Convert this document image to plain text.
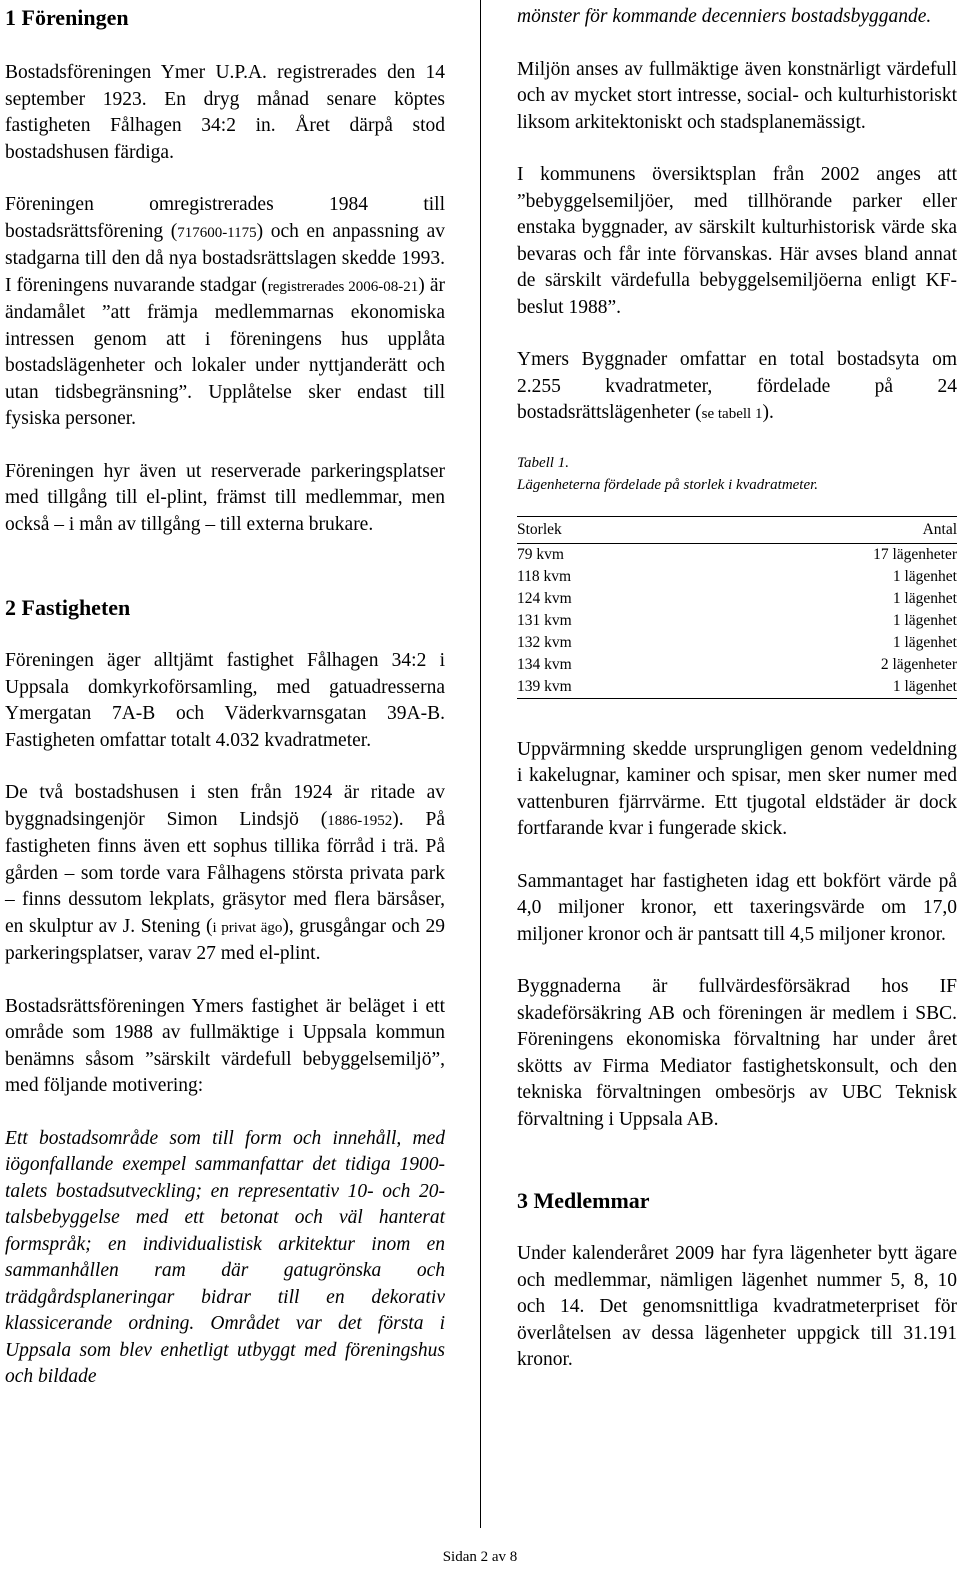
1 Föreningen

Bostadsföreningen Ymer U.P.A. registrerades den 14 september 1923. En dryg månad senare köptes fastigheten Fålhagen 34:2 in. Året därpå stod bostadshusen färdiga.

Föreningen omregistrerades 1984 till bostadsrättsförening (717600-1175) och en anpassning av stadgarna till den då nya bostadsrättslagen skedde 1993. I föreningens nuvarande stadgar (registrerades 2006-08-21) är ändamålet ”att främja medlemmarnas ekonomiska intressen genom att i föreningens hus upplåta bostadslägenheter och lokaler under nyttjanderätt och utan tidsbegränsning”. Upplåtelse sker endast till fysiska personer.

Föreningen hyr även ut reserverade parkeringsplatser med tillgång till el-plint, främst till medlemmar, men också – i mån av tillgång – till externa brukare.

2 Fastigheten

Föreningen äger alltjämt fastighet Fålhagen 34:2 i Uppsala domkyrkoförsamling, med gatuadresserna Ymergatan 7A-B och Väderkvarnsgatan 39A-B. Fastigheten omfattar totalt 4.032 kvadratmeter.

De två bostadshusen i sten från 1924 är ritade av byggnadsingenjör Simon Lindsjö (1886-1952). På fastigheten finns även ett sophus tillika förråd i trä. På gården – som torde vara Fålhagens största privata park – finns dessutom lekplats, gräsytor med flera bärsåser, en skulptur av J. Stening (i privat ägo), grusgångar och 29 parkeringsplatser, varav 27 med el-plint.

Bostadsrättsföreningen Ymers fastighet är beläget i ett område som 1988 av fullmäktige i Uppsala kommun benämns såsom ”särskilt värdefull bebyggelsemiljö”, med följande motivering:

Ett bostadsområde som till form och innehåll, med iögonfallande exempel sammanfattar det tidiga 1900-talets bostadsutveckling; en representativ 10- och 20-talsbebyggelse med ett betonat och väl hanterat formspråk; en individualistisk arkitektur inom en sammanhållen ram där gatugrönska och trädgårdsplaneringar bidrar till en dekorativ klassicerande ordning. Området var det första i Uppsala som blev enhetligt utbyggt med föreningshus och bildade

mönster för kommande decenniers bostadsbyggande.

Miljön anses av fullmäktige även konstnärligt värdefull och av mycket stort intresse, social- och kulturhistoriskt liksom arkitektoniskt och stadsplanemässigt.

I kommunens översiktsplan från 2002 anges att ”bebyggelsemiljöer, med tillhörande parker eller enstaka byggnader, av särskilt kulturhistorisk värde ska bevaras och får inte förvanskas. Här avses bland annat de särskilt värdefulla bebyggelsemiljöerna enligt KF-beslut 1988”.

Ymers Byggnader omfattar en total bostadsyta om 2.255 kvadratmeter, fördelade på 24 bostadsrättslägenheter (se tabell 1).

Tabell 1.
Lägenheterna fördelade på storlek i kvadratmeter.
Storlek	Antal
79 kvm	17 lägenheter
118 kvm	1 lägenhet
124 kvm	1 lägenhet
131 kvm	1 lägenhet
132 kvm	1 lägenhet
134 kvm	2 lägenheter
139 kvm	1 lägenhet

Uppvärmning skedde ursprungligen genom vedeldning i kakelugnar, kaminer och spisar, men sker numer med vattenburen fjärrvärme. Ett tjugotal eldstäder är dock fortfarande kvar i fungerade skick.

Sammantaget har fastigheten idag ett bokfört värde på 4,0 miljoner kronor, ett taxeringsvärde om 17,0 miljoner kronor och är pantsatt till 4,5 miljoner kronor.

Byggnaderna är fullvärdesförsäkrad hos IF skadeförsäkring AB och föreningen är medlem i SBC. Föreningens ekonomiska förvaltning har under året skötts av Firma Mediator fastighetskonsult, och den tekniska förvaltningen ombesörjs av UBC Teknisk förvaltning i Uppsala AB.

3 Medlemmar

Under kalenderåret 2009 har fyra lägenheter bytt ägare och medlemmar, nämligen lägenhet nummer 5, 8, 10 och 14. Det genomsnittliga kvadratmeterpriset för överlåtelsen av dessa lägenheter uppgick till 31.191 kronor.

Sidan 2 av 8
